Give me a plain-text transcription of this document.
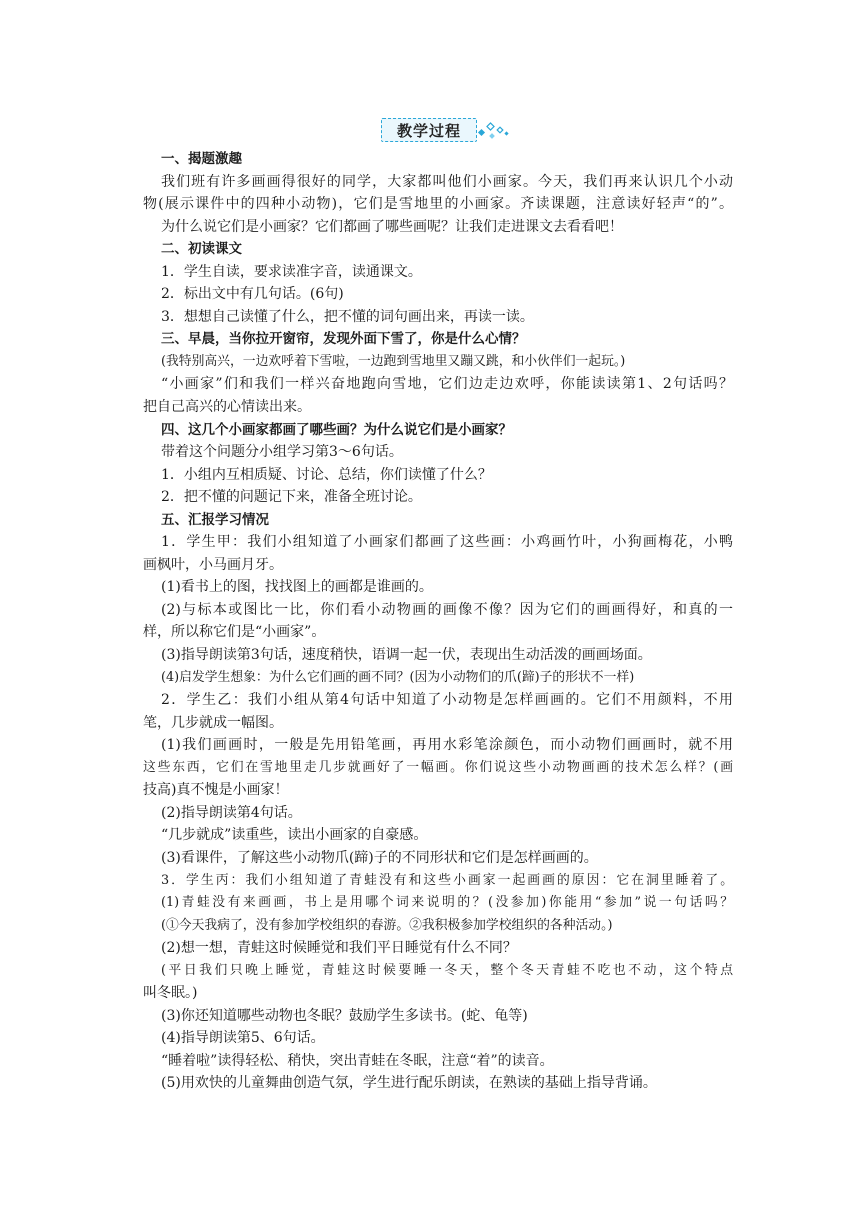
教学过程
一、揭题激趣
我们班有许多画画得很好的同学，大家都叫他们小画家。今天，我们再来认识几个小动
物(展示课件中的四种小动物)，它们是雪地里的小画家。齐读课题，注意读好轻声“的”。
为什么说它们是小画家？它们都画了哪些画呢？让我们走进课文去看看吧！
二、初读课文
1．学生自读，要求读准字音，读通课文。
2．标出文中有几句话。(6句)
3．想想自己读懂了什么，把不懂的词句画出来，再读一读。
三、早晨，当你拉开窗帘，发现外面下雪了，你是什么心情？
(我特别高兴，一边欢呼着下雪啦，一边跑到雪地里又蹦又跳，和小伙伴们一起玩。)
“小画家”们和我们一样兴奋地跑向雪地，它们边走边欢呼，你能读读第1、2句话吗？
把自己高兴的心情读出来。
四、这几个小画家都画了哪些画？为什么说它们是小画家？
带着这个问题分小组学习第3～6句话。
1．小组内互相质疑、讨论、总结，你们读懂了什么？
2．把不懂的问题记下来，准备全班讨论。
五、汇报学习情况
1．学生甲：我们小组知道了小画家们都画了这些画：小鸡画竹叶，小狗画梅花，小鸭
画枫叶，小马画月牙。
(1)看书上的图，找找图上的画都是谁画的。
(2)与标本或图比一比，你们看小动物画的画像不像？因为它们的画画得好，和真的一
样，所以称它们是“小画家”。
(3)指导朗读第3句话，速度稍快，语调一起一伏，表现出生动活泼的画画场面。
(4)启发学生想象：为什么它们画的画不同？(因为小动物们的爪(蹄)子的形状不一样)
2．学生乙：我们小组从第4句话中知道了小动物是怎样画画的。它们不用颜料，不用
笔，几步就成一幅图。
(1)我们画画时，一般是先用铅笔画，再用水彩笔涂颜色，而小动物们画画时，就不用
这些东西，它们在雪地里走几步就画好了一幅画。你们说这些小动物画画的技术怎么样？(画
技高)真不愧是小画家！
(2)指导朗读第4句话。
“几步就成”读重些，读出小画家的自豪感。
(3)看课件，了解这些小动物爪(蹄)子的不同形状和它们是怎样画画的。
3．学生丙：我们小组知道了青蛙没有和这些小画家一起画画的原因：它在洞里睡着了。
(1)青蛙没有来画画，书上是用哪个词来说明的？(没参加)你能用“参加”说一句话吗？
(①今天我病了，没有参加学校组织的春游。②我积极参加学校组织的各种活动。)
(2)想一想，青蛙这时候睡觉和我们平日睡觉有什么不同？
(平日我们只晚上睡觉，青蛙这时候要睡一冬天，整个冬天青蛙不吃也不动，这个特点
叫冬眠。)
(3)你还知道哪些动物也冬眠？鼓励学生多读书。(蛇、龟等)
(4)指导朗读第5、6句话。
“睡着啦”读得轻松、稍快，突出青蛙在冬眠，注意“着”的读音。
(5)用欢快的儿童舞曲创造气氛，学生进行配乐朗读，在熟读的基础上指导背诵。
